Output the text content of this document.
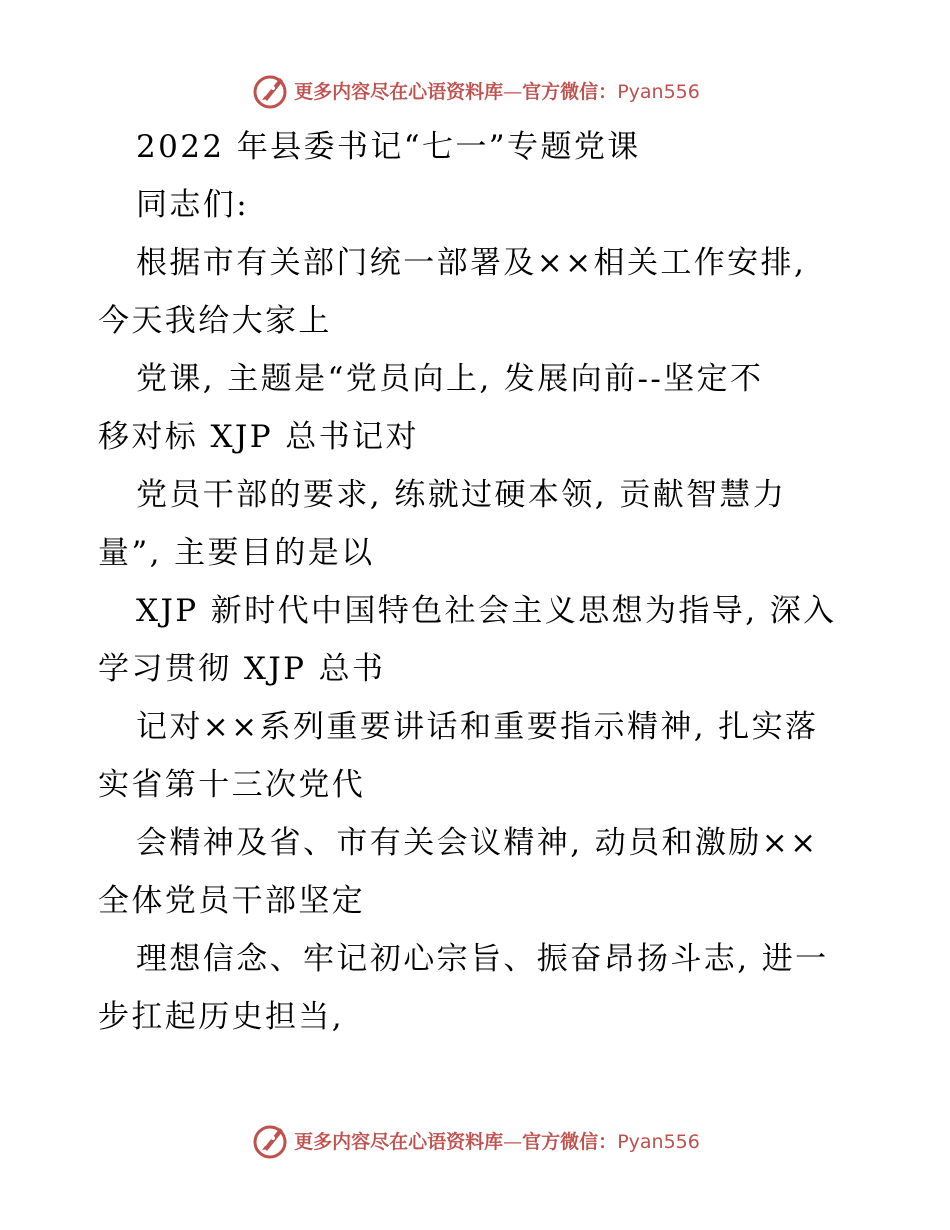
更多内容尽在心语资料库—官方微信：Pyan556

2022 年县委书记“七一”专题党课

同志们:

根据市有关部门统一部署及××相关工作安排,

今天我给大家上

党课, 主题是“党员向上, 发展向前--坚定不

移对标 XJP 总书记对

党员干部的要求, 练就过硬本领, 贡献智慧力

量”, 主要目的是以

XJP 新时代中国特色社会主义思想为指导, 深入

学习贯彻 XJP 总书

记对××系列重要讲话和重要指示精神, 扎实落

实省第十三次党代

会精神及省、市有关会议精神, 动员和激励××

全体党员干部坚定

理想信念、牢记初心宗旨、振奋昂扬斗志, 进一

步扛起历史担当,

更多内容尽在心语资料库—官方微信：Pyan556
